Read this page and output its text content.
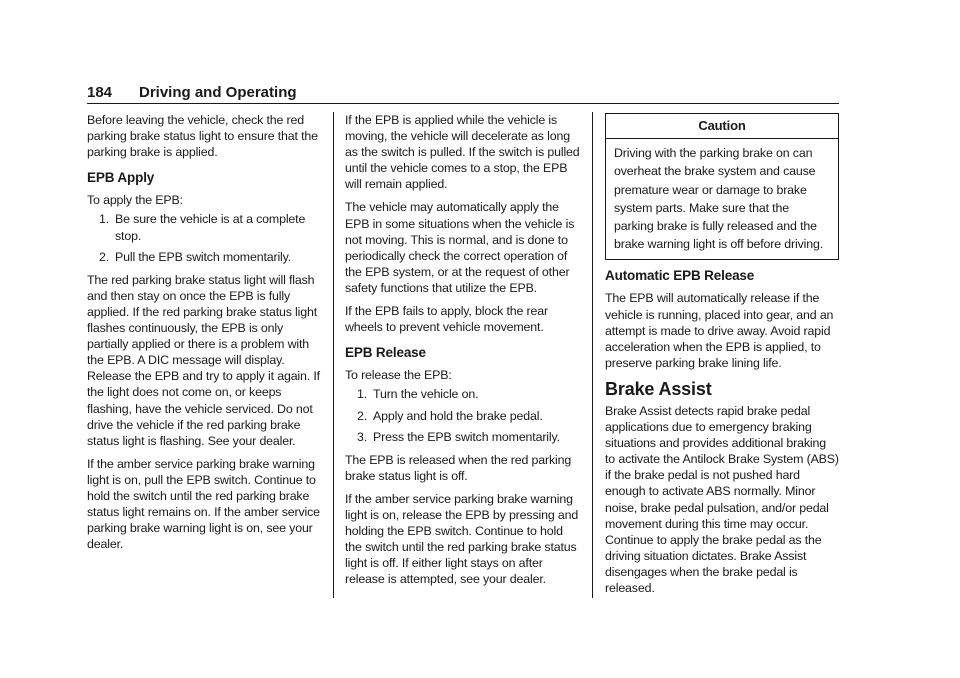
184 Driving and Operating

Before leaving the vehicle, check the red parking brake status light to ensure that the parking brake is applied.

EPB Apply

To apply the EPB:

1. Be sure the vehicle is at a complete stop.
2. Pull the EPB switch momentarily.

The red parking brake status light will flash and then stay on once the EPB is fully applied. If the red parking brake status light flashes continuously, the EPB is only partially applied or there is a problem with the EPB. A DIC message will display. Release the EPB and try to apply it again. If the light does not come on, or keeps flashing, have the vehicle serviced. Do not drive the vehicle if the red parking brake status light is flashing. See your dealer.

If the amber service parking brake warning light is on, pull the EPB switch. Continue to hold the switch until the red parking brake status light remains on. If the amber service parking brake warning light is on, see your dealer.

If the EPB is applied while the vehicle is moving, the vehicle will decelerate as long as the switch is pulled. If the switch is pulled until the vehicle comes to a stop, the EPB will remain applied.

The vehicle may automatically apply the EPB in some situations when the vehicle is not moving. This is normal, and is done to periodically check the correct operation of the EPB system, or at the request of other safety functions that utilize the EPB.

If the EPB fails to apply, block the rear wheels to prevent vehicle movement.

EPB Release

To release the EPB:

1. Turn the vehicle on.
2. Apply and hold the brake pedal.
3. Press the EPB switch momentarily.

The EPB is released when the red parking brake status light is off.

If the amber service parking brake warning light is on, release the EPB by pressing and holding the EPB switch. Continue to hold the switch until the red parking brake status light is off. If either light stays on after release is attempted, see your dealer.

Caution
Driving with the parking brake on can overheat the brake system and cause premature wear or damage to brake system parts. Make sure that the parking brake is fully released and the brake warning light is off before driving.
Automatic EPB Release

The EPB will automatically release if the vehicle is running, placed into gear, and an attempt is made to drive away. Avoid rapid acceleration when the EPB is applied, to preserve parking brake lining life.

Brake Assist

Brake Assist detects rapid brake pedal applications due to emergency braking situations and provides additional braking to activate the Antilock Brake System (ABS) if the brake pedal is not pushed hard enough to activate ABS normally. Minor noise, brake pedal pulsation, and/or pedal movement during this time may occur. Continue to apply the brake pedal as the driving situation dictates. Brake Assist disengages when the brake pedal is released.
